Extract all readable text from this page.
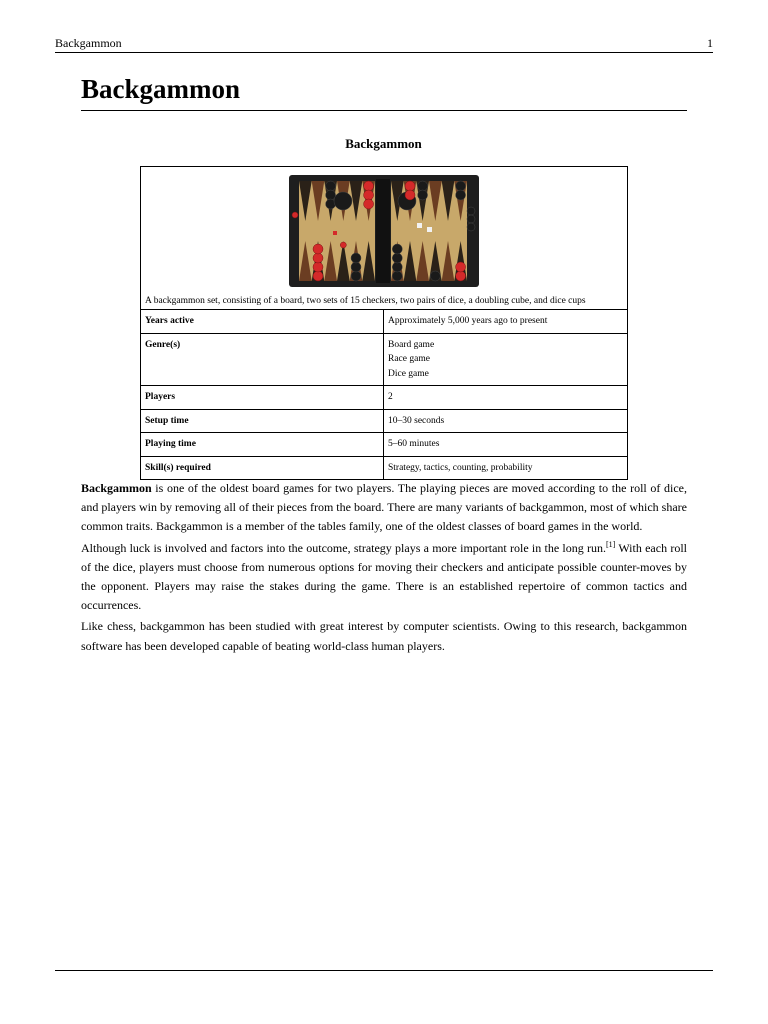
Backgammon	1
Backgammon
Backgammon
A backgammon set, consisting of a board, two sets of 15 checkers, two pairs of dice, a doubling cube, and dice cups
Years active	Approximately 5,000 years ago to present

Genre(s)	Board game
Race game
Dice game

Players	2

Setup time	10–30 seconds

Playing time	5–60 minutes

Skill(s) required	Strategy, tactics, counting, probability

Backgammon is one of the oldest board games for two players. The playing pieces are moved according to the roll of dice, and players win by removing all of their pieces from the board. There are many variants of backgammon, most of which share common traits. Backgammon is a member of the tables family, one of the oldest classes of board games in the world.

Although luck is involved and factors into the outcome, strategy plays a more important role in the long run.[1] With each roll of the dice, players must choose from numerous options for moving their checkers and anticipate possible counter-moves by the opponent. Players may raise the stakes during the game. There is an established repertoire of common tactics and occurrences.

Like chess, backgammon has been studied with great interest by computer scientists. Owing to this research, backgammon software has been developed capable of beating world-class human players.
